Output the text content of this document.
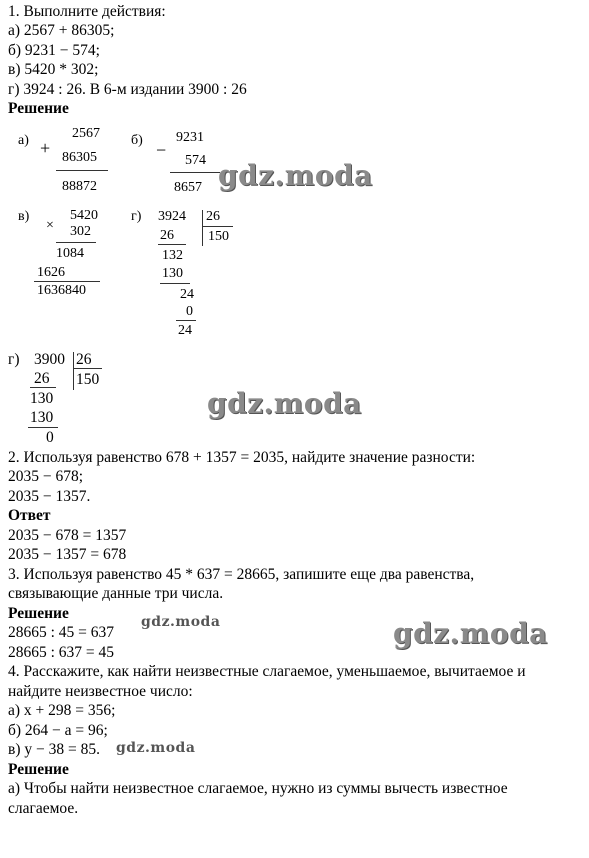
1. Выполните действия:
а) 2567 + 86305;
б) 9231 − 574;
в) 5420 * 302;
г) 3924 : 26. В 6-м издании 3900 : 26
Решение
а) +
2567
86305
88872
б) −
9231
574
8657
в)
×
5420
302
1084
1626
1636840
г) 3924 26
150
26
132
130
24
0
24
г) 3900 26
150
26
130
130
0
2. Используя равенство 678 + 1357 = 2035, найдите значение разности:
2035 − 678;
2035 − 1357.
Ответ
2035 − 678 = 1357
2035 − 1357 = 678
3. Используя равенство 45 * 637 = 28665, запишите еще два равенства,
связывающие данные три числа.
Решение
28665 : 45 = 637
28665 : 637 = 45
4. Расскажите, как найти неизвестные слагаемое, уменьшаемое, вычитаемое и
найдите неизвестное число:
а) x + 298 = 356;
б) 264 − a = 96;
в) y − 38 = 85.
Решение
а) Чтобы найти неизвестное слагаемое, нужно из суммы вычесть известное
слагаемое.
gdz.moda
gdz.moda
gdz.moda	gdz.moda
gdz.moda
